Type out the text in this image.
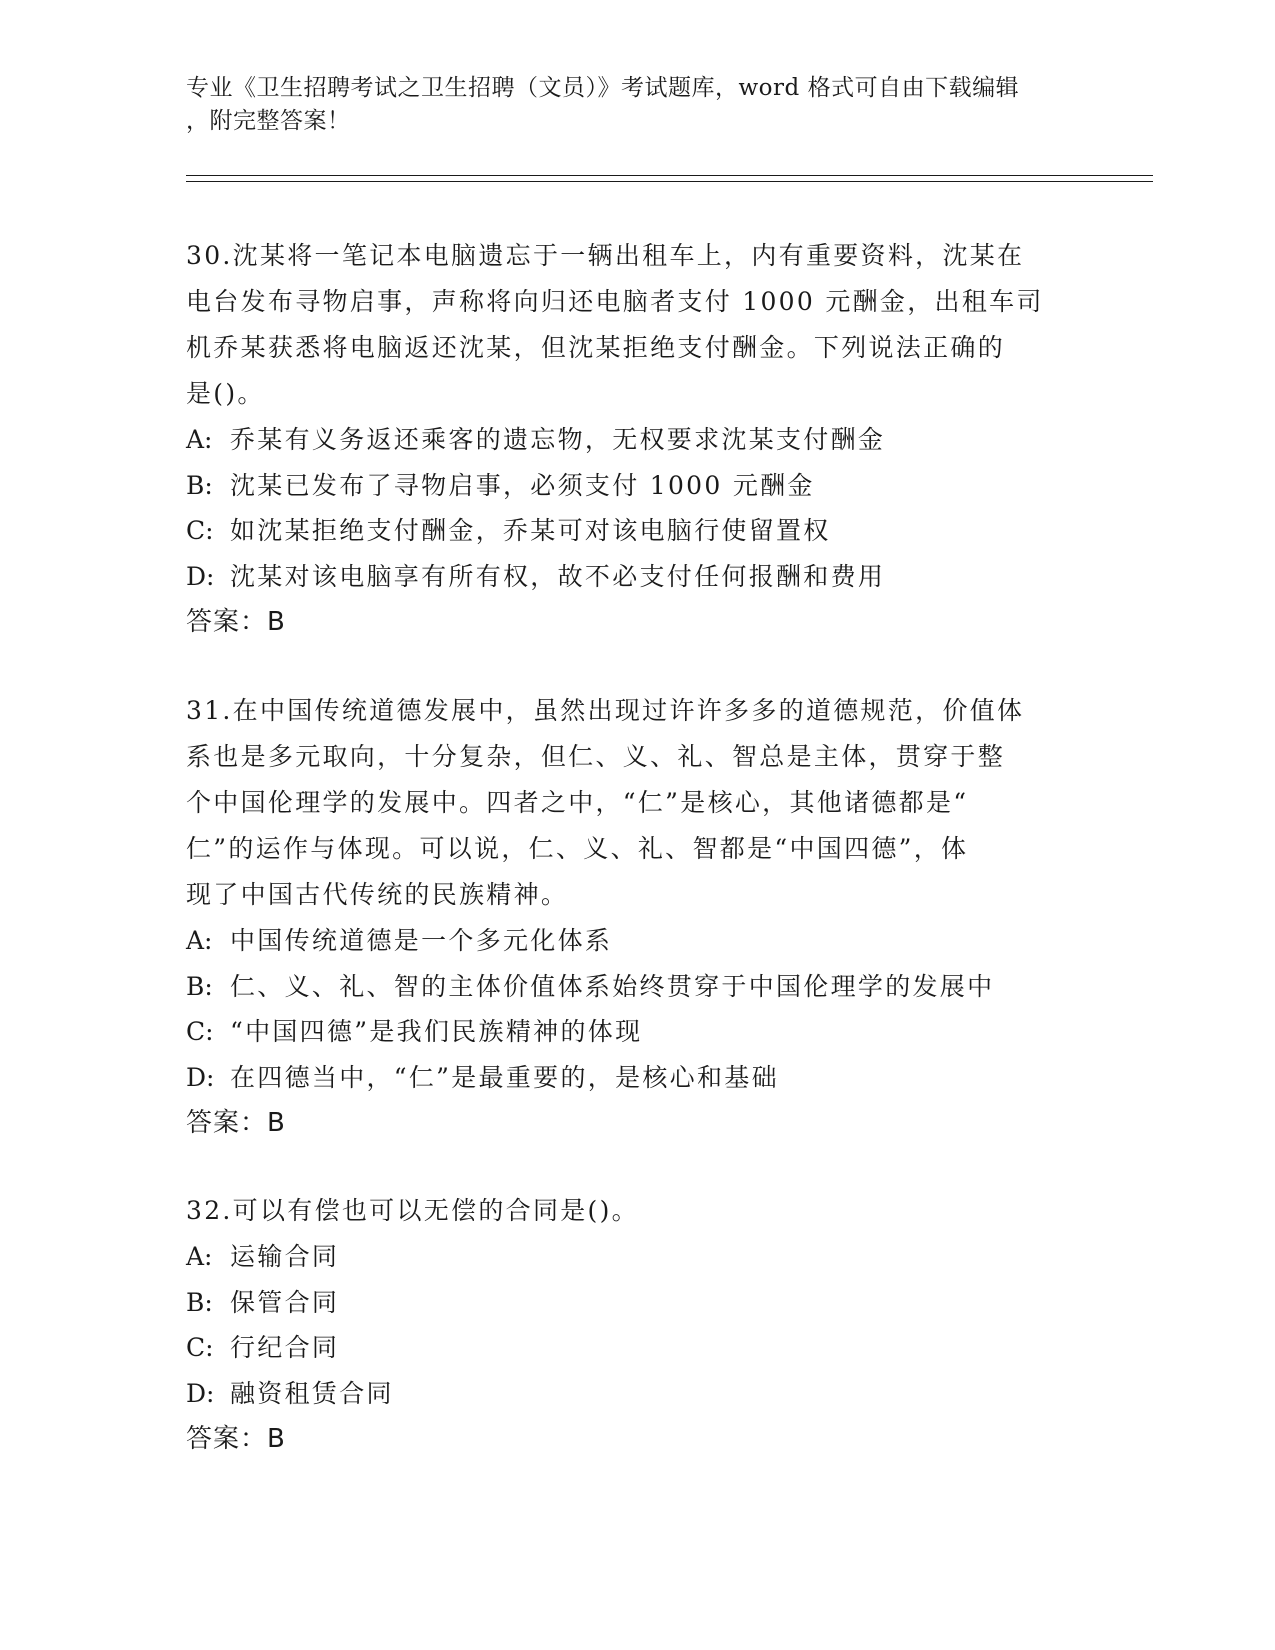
专业《卫生招聘考试之卫生招聘（文员）》考试题库，word 格式可自由下载编辑
，附完整答案！
30.沈某将一笔记本电脑遗忘于一辆出租车上，内有重要资料，沈某在
电台发布寻物启事，声称将向归还电脑者支付 1000 元酬金，出租车司
机乔某获悉将电脑返还沈某，但沈某拒绝支付酬金。下列说法正确的
是()。
A: 乔某有义务返还乘客的遗忘物，无权要求沈某支付酬金
B: 沈某已发布了寻物启事，必须支付 1000 元酬金
C: 如沈某拒绝支付酬金，乔某可对该电脑行使留置权
D: 沈某对该电脑享有所有权，故不必支付任何报酬和费用
答案：B
31.在中国传统道德发展中，虽然出现过许许多多的道德规范，价值体
系也是多元取向，十分复杂，但仁、义、礼、智总是主体，贯穿于整
个中国伦理学的发展中。四者之中，“仁”是核心，其他诸德都是“
仁”的运作与体现。可以说，仁、义、礼、智都是“中国四德”，体
现了中国古代传统的民族精神。
A: 中国传统道德是一个多元化体系
B: 仁、义、礼、智的主体价值体系始终贯穿于中国伦理学的发展中
C: “中国四德”是我们民族精神的体现
D: 在四德当中，“仁”是最重要的，是核心和基础
答案：B
32.可以有偿也可以无偿的合同是()。
A: 运输合同
B: 保管合同
C: 行纪合同
D: 融资租赁合同
答案：B
